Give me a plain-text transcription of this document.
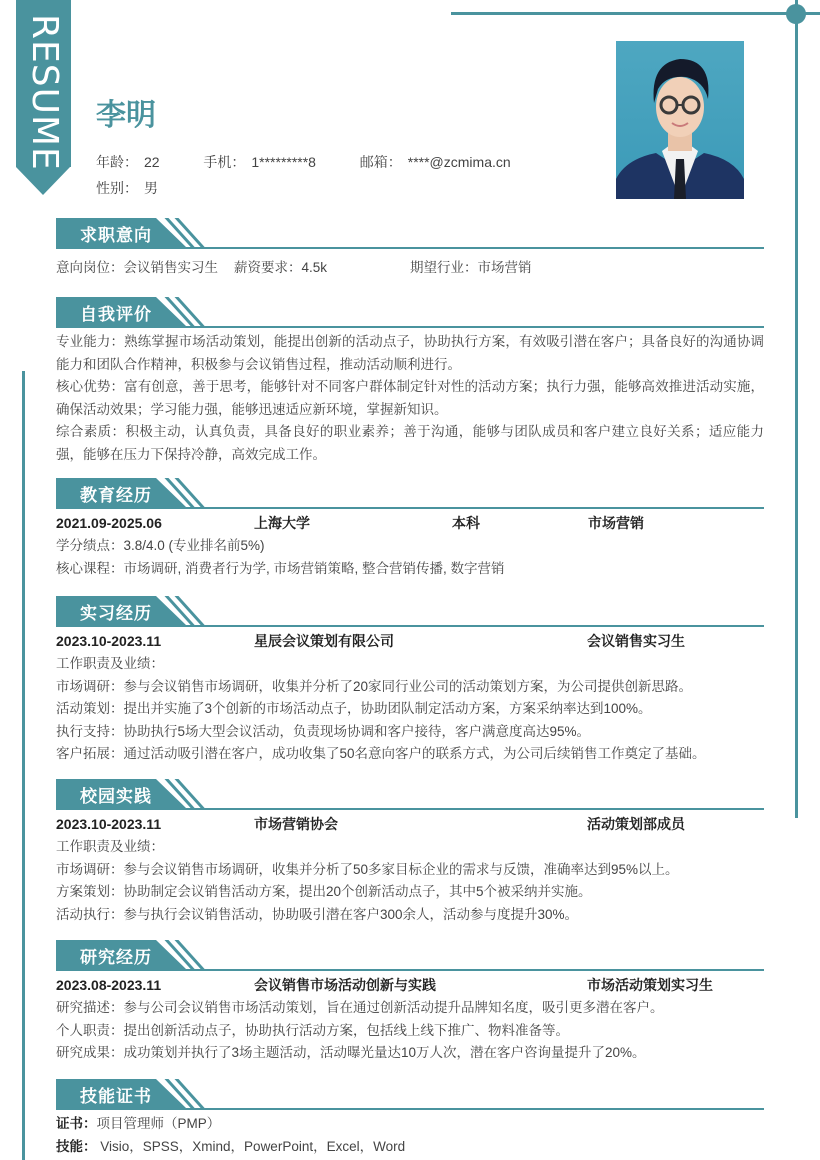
RESUME 李明
年龄： 22	手机： 1*********8	邮箱： ****@zcmima.cn
性别： 男
求职意向
意向岗位：会议销售实习生	薪资要求：4.5k	期望行业：市场营销
自我评价
专业能力：熟练掌握市场活动策划，能提出创新的活动点子，协助执行方案，有效吸引潜在客户；具备良好的沟通协调能力和团队合作精神，积极参与会议销售过程，推动活动顺利进行。
核心优势：富有创意，善于思考，能够针对不同客户群体制定针对性的活动方案；执行力强，能够高效推进活动实施，确保活动效果；学习能力强，能够迅速适应新环境，掌握新知识。
综合素质：积极主动，认真负责，具备良好的职业素养；善于沟通，能够与团队成员和客户建立良好关系；适应能力强，能够在压力下保持冷静，高效完成工作。
教育经历
2021.09-2025.06	上海大学	本科	市场营销
学分绩点：3.8/4.0 (专业排名前5%)
核心课程：市场调研, 消费者行为学, 市场营销策略, 整合营销传播, 数字营销
实习经历
2023.10-2023.11	星辰会议策划有限公司	会议销售实习生
工作职责及业绩：
市场调研：参与会议销售市场调研，收集并分析了20家同行业公司的活动策划方案，为公司提供创新思路。
活动策划：提出并实施了3个创新的市场活动点子，协助团队制定活动方案，方案采纳率达到100%。
执行支持：协助执行5场大型会议活动，负责现场协调和客户接待，客户满意度高达95%。
客户拓展：通过活动吸引潜在客户，成功收集了50名意向客户的联系方式，为公司后续销售工作奠定了基础。
校园实践
2023.10-2023.11	市场营销协会	活动策划部成员
工作职责及业绩：
市场调研：参与会议销售市场调研，收集并分析了50多家目标企业的需求与反馈，准确率达到95%以上。
方案策划：协助制定会议销售活动方案，提出20个创新活动点子，其中5个被采纳并实施。
活动执行：参与执行会议销售活动，协助吸引潜在客户300余人，活动参与度提升30%。
研究经历
2023.08-2023.11	会议销售市场活动创新与实践	市场活动策划实习生
研究描述：参与公司会议销售市场活动策划，旨在通过创新活动提升品牌知名度，吸引更多潜在客户。
个人职责：提出创新活动点子，协助执行活动方案，包括线上线下推广、物料准备等。
研究成果：成功策划并执行了3场主题活动，活动曝光量达10万人次，潜在客户咨询量提升了20%。
技能证书
证书：项目管理师（PMP）
技能： Visio，SPSS，Xmind，PowerPoint，Excel，Word
